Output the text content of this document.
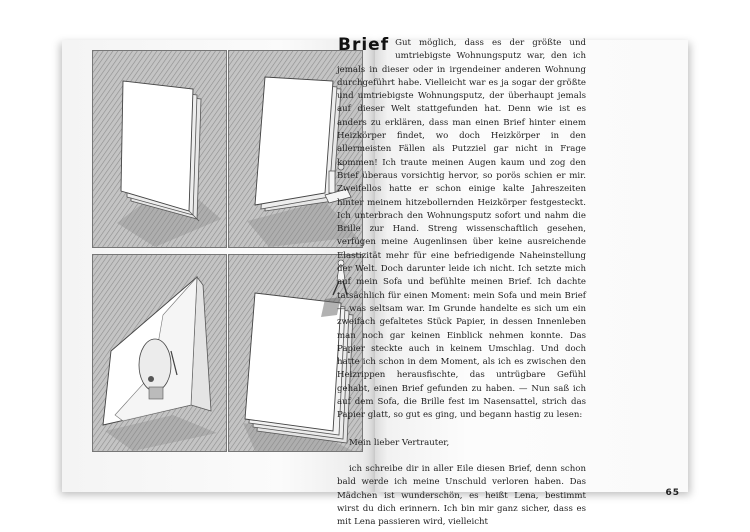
Brief Gut möglich, dass es der größte und umtriebigste Wohnungsputz war, den ich jemals in dieser oder in irgendeiner anderen Wohnung durchgeführt habe. Vielleicht war es ja sogar der größte und umtriebigste Wohnungsputz, der überhaupt jemals auf dieser Welt stattgefunden hat. Denn wie ist es anders zu erklären, dass man einen Brief hinter einem Heizkörper findet, wo doch Heizkörper in den allermeisten Fällen als Putzziel gar nicht in Frage kommen! Ich traute meinen Augen kaum und zog den Brief überaus vorsichtig hervor, so porös schien er mir. Zweifellos hatte er schon einige kalte Jahreszeiten hinter meinem hitzebollernden Heizkörper festgesteckt. Ich unterbrach den Wohnungsputz sofort und nahm die Brille zur Hand. Streng wissenschaftlich gesehen, verfügen meine Augenlinsen über keine ausreichende Elastizität mehr für eine befriedigende Naheinstellung der Welt. Doch darunter leide ich nicht. Ich setzte mich auf mein Sofa und befühlte meinen Brief. Ich dachte tatsächlich für einen Moment: mein Sofa und mein Brief — was seltsam war. Im Grunde handelte es sich um ein zweifach gefaltetes Stück Papier, in dessen Innenleben man noch gar keinen Einblick nehmen konnte. Das Papier steckte auch in keinem Umschlag. Und doch hatte ich schon in dem Moment, als ich es zwischen den Heizrippen herausfischte, das untrügbare Gefühl gehabt, einen Brief gefunden zu haben. — Nun saß ich auf dem Sofa, die Brille fest im Nasensattel, strich das Papier glatt, so gut es ging, und begann hastig zu lesen:

Mein lieber Vertrauter,

ich schreibe dir in aller Eile diesen Brief, denn schon bald werde ich meine Unschuld verloren haben. Das Mädchen ist wunderschön, es heißt Lena, bestimmt wirst du dich erinnern. Ich bin mir ganz sicher, dass es mit Lena passieren wird, vielleicht

65
